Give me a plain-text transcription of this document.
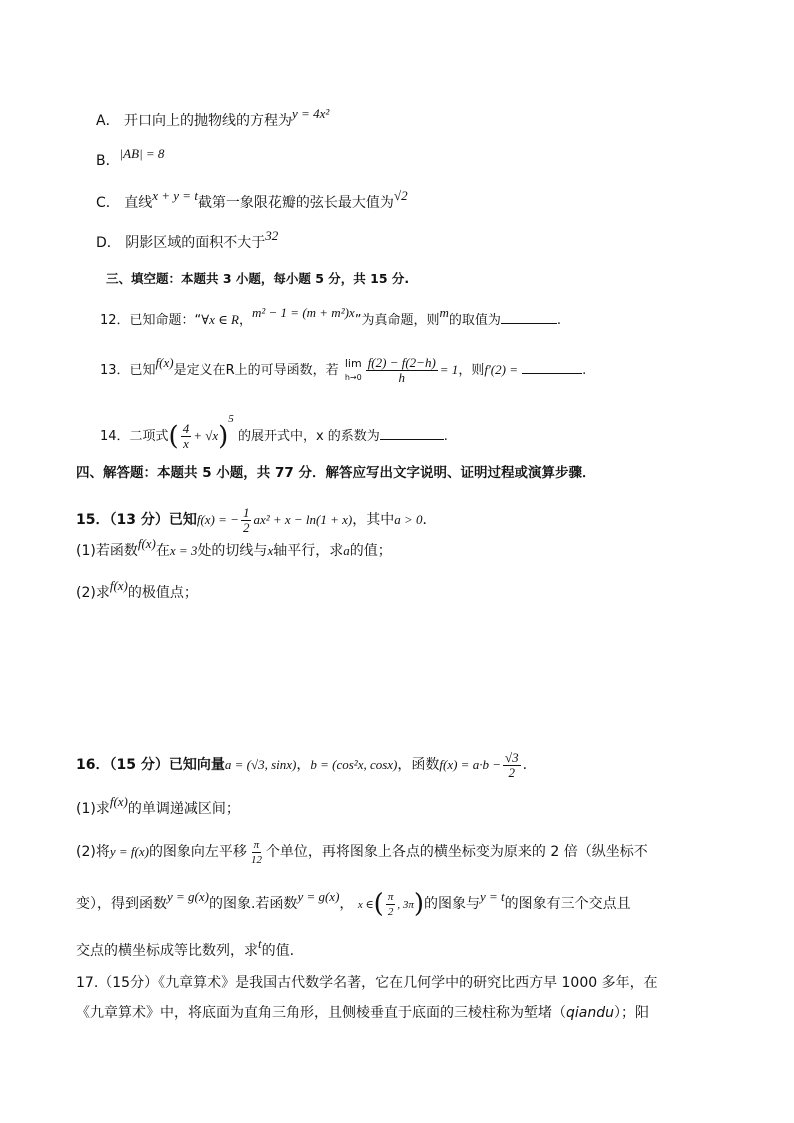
A． 开口向上的抛物线的方程为y = 4x²
B．|AB| = 8
C． 直线x + y = t截第一象限花瓣的弦长最大值为√2
D． 阴影区域的面积不大于32
三、填空题：本题共 3 小题，每小题 5 分，共 15 分.
12．已知命题：“∀x ∈ R，m² − 1 = (m + m²)x”为真命题，则m的取值为	.
13．已知f(x)是定义在R上的可导函数，若 lim
$h\to 0 \frac{f(2) - f(2-h)}{h} = 1$，则f′(2) =	.
14．二项式( $\frac{4}{x} + √x)^5$ 的展开式中，x 的系数为	.
四、解答题：本题共 5 小题，共 77 分．解答应写出文字说明、证明过程或演算步骤．
15．（13 分）已知f(x) = − $\frac{1}{2} ax^2 + x - \ln(1 + x)$，其中a > 0．
(1)若函数f(x)在x = 3处的切线与x轴平行，求a的值；
(2)求f(x)的极值点；
16．（15 分）已知向量a = (√3, sinx)，b = (cos²x, cosx)，函数$f(x) = a\cdot b - \frac{√3}{2}$ .
(1)求f(x)的单调递减区间；
(2)将y = f(x)的图象向左平移 $\frac{\pi}{12}$ 个单位，再将图象上各点的横坐标变为原来的 2 倍（纵坐标不
变），得到函数y = g(x)的图象.若函数y = g(x)， x ∈( $\frac{\pi}{2}$ , 3π)的图象与y = t的图象有三个交点且
交点的横坐标成等比数列，求t的值.
17.（15分）《九章算术》是我国古代数学名著，它在几何学中的研究比西方早 1000 多年，在
《九章算术》中，将底面为直角三角形，且侧棱垂直于底面的三棱柱称为堑堵（qiandu）；阳
